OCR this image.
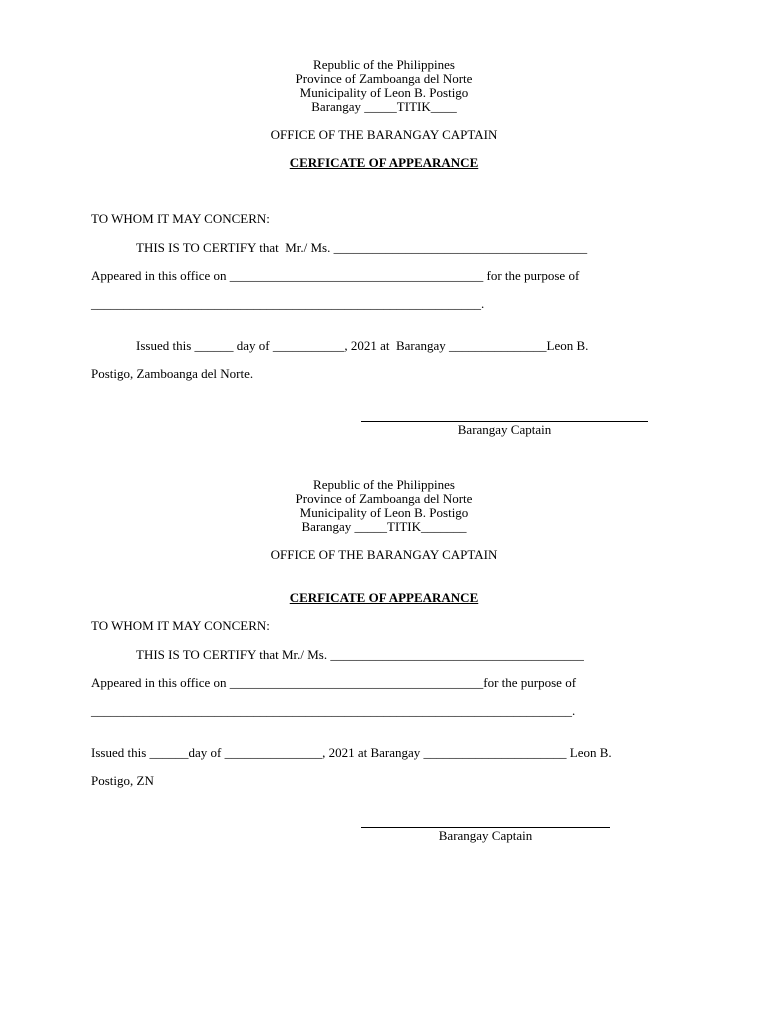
Republic of the Philippines
Province of Zamboanga del Norte
Municipality of Leon B. Postigo
Barangay _____TITIK____
OFFICE OF THE BARANGAY CAPTAIN
CERFICATE OF APPEARANCE
TO WHOM IT MAY CONCERN:
THIS IS TO CERTIFY that  Mr./ Ms. _______________________________________
Appeared in this office on _______________________________________ for the purpose of
____________________________________________________________.
Issued this ______ day of ___________, 2021 at  Barangay _______________Leon B.
Postigo, Zamboanga del Norte.
Barangay Captain
Republic of the Philippines
Province of Zamboanga del Norte
Municipality of Leon B. Postigo
Barangay _____TITIK_______
OFFICE OF THE BARANGAY CAPTAIN
CERFICATE OF APPEARANCE
TO WHOM IT MAY CONCERN:
THIS IS TO CERTIFY that Mr./ Ms. _______________________________________
Appeared in this office on _______________________________________for the purpose of
__________________________________________________________________________.
Issued this ______day of _______________, 2021 at Barangay ______________________ Leon B.
Postigo, ZN
Barangay Captain
